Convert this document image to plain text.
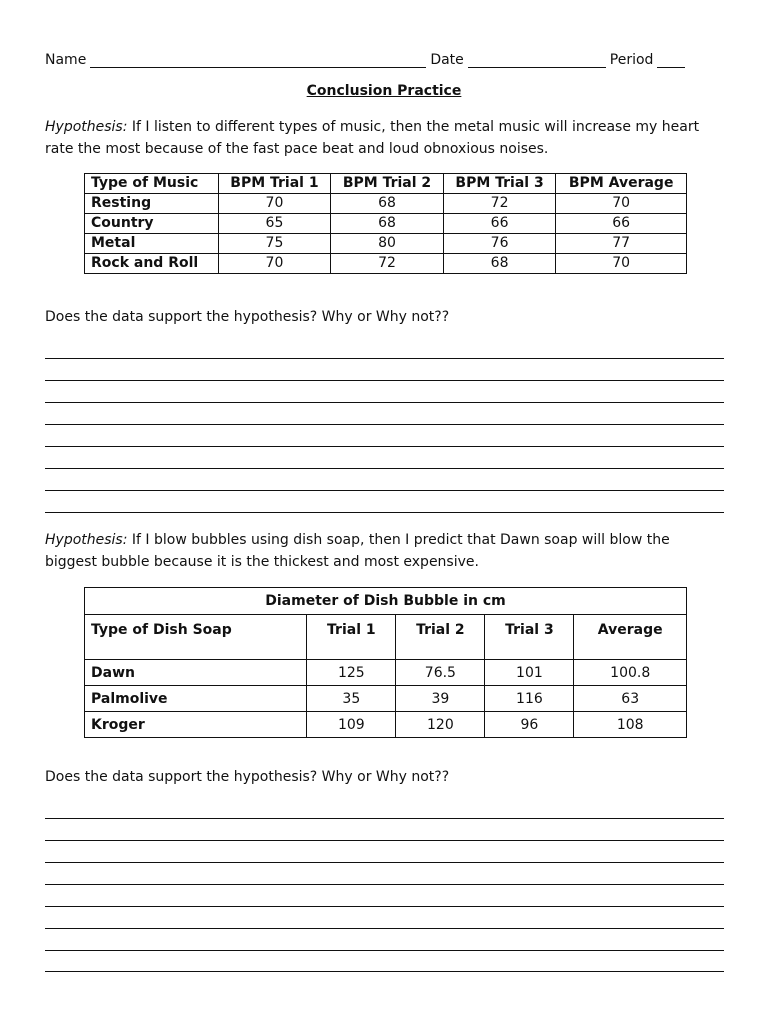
Name	Date	Period
Conclusion Practice
Hypothesis: If I listen to different types of music, then the metal music will increase my heart rate the most because of the fast pace beat and loud obnoxious noises.
Type of Music	BPM Trial 1	BPM Trial 2	BPM Trial 3	BPM Average
Resting	70	68	72	70
Country	65	68	66	66
Metal	75	80	76	77
Rock and Roll	70	72	68	70
Does the data support the hypothesis? Why or Why not??
Hypothesis: If I blow bubbles using dish soap, then I predict that Dawn soap will blow the biggest bubble because it is the thickest and most expensive.
Diameter of Dish Bubble in cm				
Type of Dish Soap	Trial 1	Trial 2	Trial 3	Average
Dawn	125	76.5	101	100.8
Palmolive	35	39	116	63
Kroger	109	120	96	108
Does the data support the hypothesis? Why or Why not??
